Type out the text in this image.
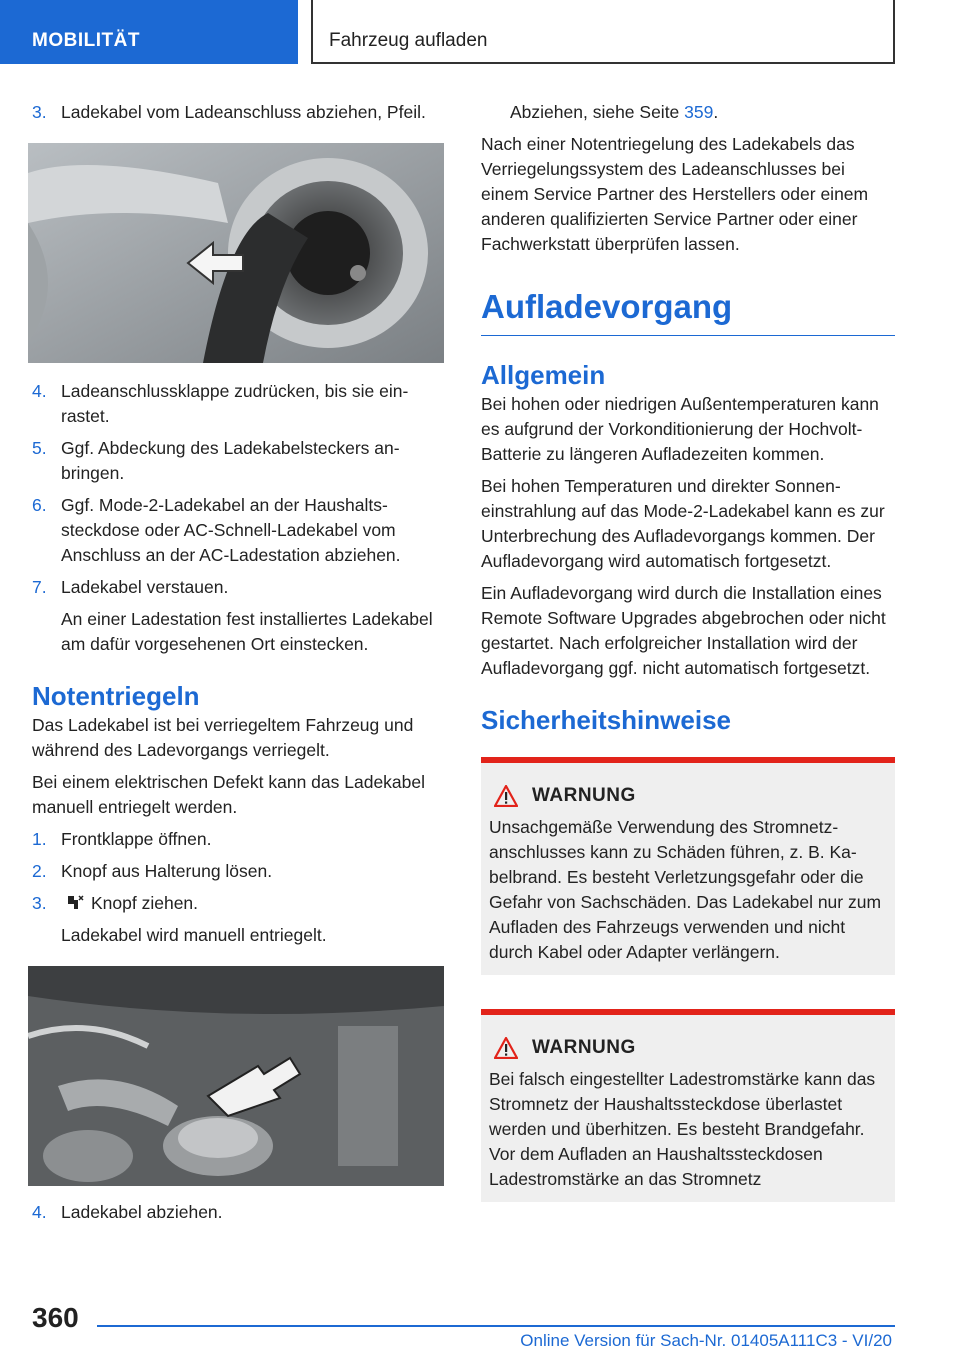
MOBILITÄT	Fahrzeug aufladen
3. Ladekabel vom Ladeanschluss abziehen, Pfeil.
4. Ladeanschlussklappe zudrücken, bis sie einrastet.
5. Ggf. Abdeckung des Ladekabelsteckers anbringen.
6. Ggf. Mode-2-Ladekabel an der Haushaltssteckdose oder AC-Schnell-Ladekabel vom Anschluss an der AC-Ladestation abziehen.
7. Ladekabel verstauen.

An einer Ladestation fest installiertes Ladekabel am dafür vorgesehenen Ort einstecken.

Notentriegeln

Das Ladekabel ist bei verriegeltem Fahrzeug und während des Ladevorgangs verriegelt.

Bei einem elektrischen Defekt kann das Ladekabel manuell entriegelt werden.

1. Frontklappe öffnen.
2. Knopf aus Halterung lösen.
3.	Knopf ziehen.

Ladekabel wird manuell entriegelt.

4. Ladekabel abziehen.

Abziehen, siehe Seite 359.

Nach einer Notentriegelung des Ladekabels das Verriegelungssystem des Ladeanschlusses bei einem Service Partner des Herstellers oder einem anderen qualifizierten Service Partner oder einer Fachwerkstatt überprüfen lassen.

Aufladevorgang
Allgemein

Bei hohen oder niedrigen Außentemperaturen kann es aufgrund der Vorkonditionierung der Hochvolt-Batterie zu längeren Aufladezeiten kommen.

Bei hohen Temperaturen und direkter Sonneneinstrahlung auf das Mode-2-Ladekabel kann es zur Unterbrechung des Aufladevorgangs kommen. Der Aufladevorgang wird automatisch fortgesetzt.

Ein Aufladevorgang wird durch die Installation eines Remote Software Upgrades abgebrochen oder nicht gestartet. Nach erfolgreicher Installation wird der Aufladevorgang ggf. nicht automatisch fortgesetzt.

Sicherheitshinweise
WARNUNG

Unsachgemäße Verwendung des Stromnetzanschlusses kann zu Schäden führen, z. B. Kabelbrand. Es besteht Verletzungsgefahr oder die Gefahr von Sachschäden. Das Ladekabel nur zum Aufladen des Fahrzeugs verwenden und nicht durch Kabel oder Adapter verlängern.

WARNUNG

Bei falsch eingestellter Ladestromstärke kann das Stromnetz der Haushaltssteckdose überlastet werden und überhitzen. Es besteht Brandgefahr. Vor dem Aufladen an Haushaltssteckdosen Ladestromstärke an das Stromnetz

360
Online Version für Sach-Nr. 01405A111C3 - VI/20
